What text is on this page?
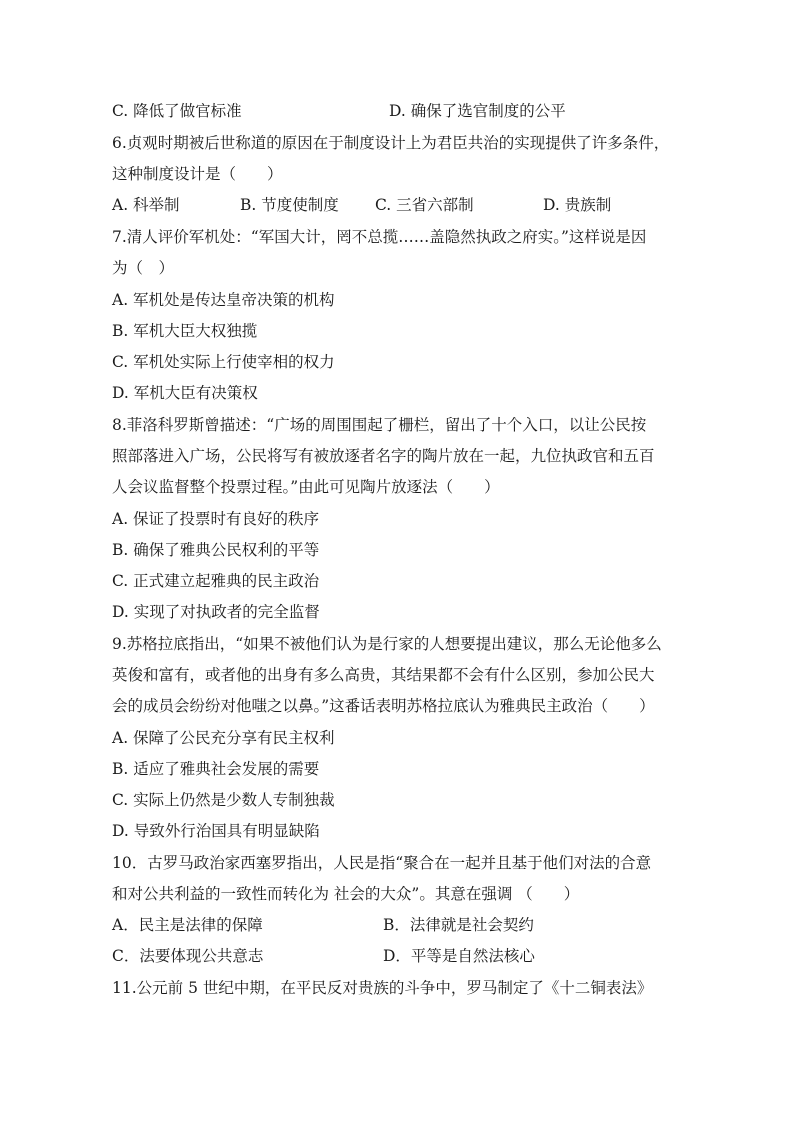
C. 降低了做官标准	D. 确保了选官制度的公平
6.贞观时期被后世称道的原因在于制度设计上为君臣共治的实现提供了许多条件，
这种制度设计是（　　）
A. 科举制	B. 节度使制度 C. 三省六部制	D. 贵族制
7.清人评价军机处：“军国大计，罔不总揽……盖隐然执政之府实。”这样说是因
为（　）
A. 军机处是传达皇帝决策的机构
B. 军机大臣大权独揽
C. 军机处实际上行使宰相的权力
D. 军机大臣有决策权
8.菲洛科罗斯曾描述：“广场的周围围起了栅栏，留出了十个入口，以让公民按
照部落进入广场，公民将写有被放逐者名字的陶片放在一起，九位执政官和五百
人会议监督整个投票过程。”由此可见陶片放逐法（　　）
A. 保证了投票时有良好的秩序
B. 确保了雅典公民权利的平等
C. 正式建立起雅典的民主政治
D. 实现了对执政者的完全监督
9.苏格拉底指出，“如果不被他们认为是行家的人想要提出建议，那么无论他多么
英俊和富有，或者他的出身有多么高贵，其结果都不会有什么区别，参加公民大
会的成员会纷纷对他嗤之以鼻。”这番话表明苏格拉底认为雅典民主政治（　　）
A. 保障了公民充分享有民主权利
B. 适应了雅典社会发展的需要
C. 实际上仍然是少数人专制独裁
D. 导致外行治国具有明显缺陷
10．古罗马政治家西塞罗指出，人民是指“聚合在一起并且基于他们对法的合意
和对公共利益的一致性而转化为 社会的大众”。其意在强调 （　　）
A．民主是法律的保障	B．法律就是社会契约
C．法要体现公共意志	D．平等是自然法核心
11.公元前 5 世纪中期，在平民反对贵族的斗争中，罗马制定了《十二铜表法》
